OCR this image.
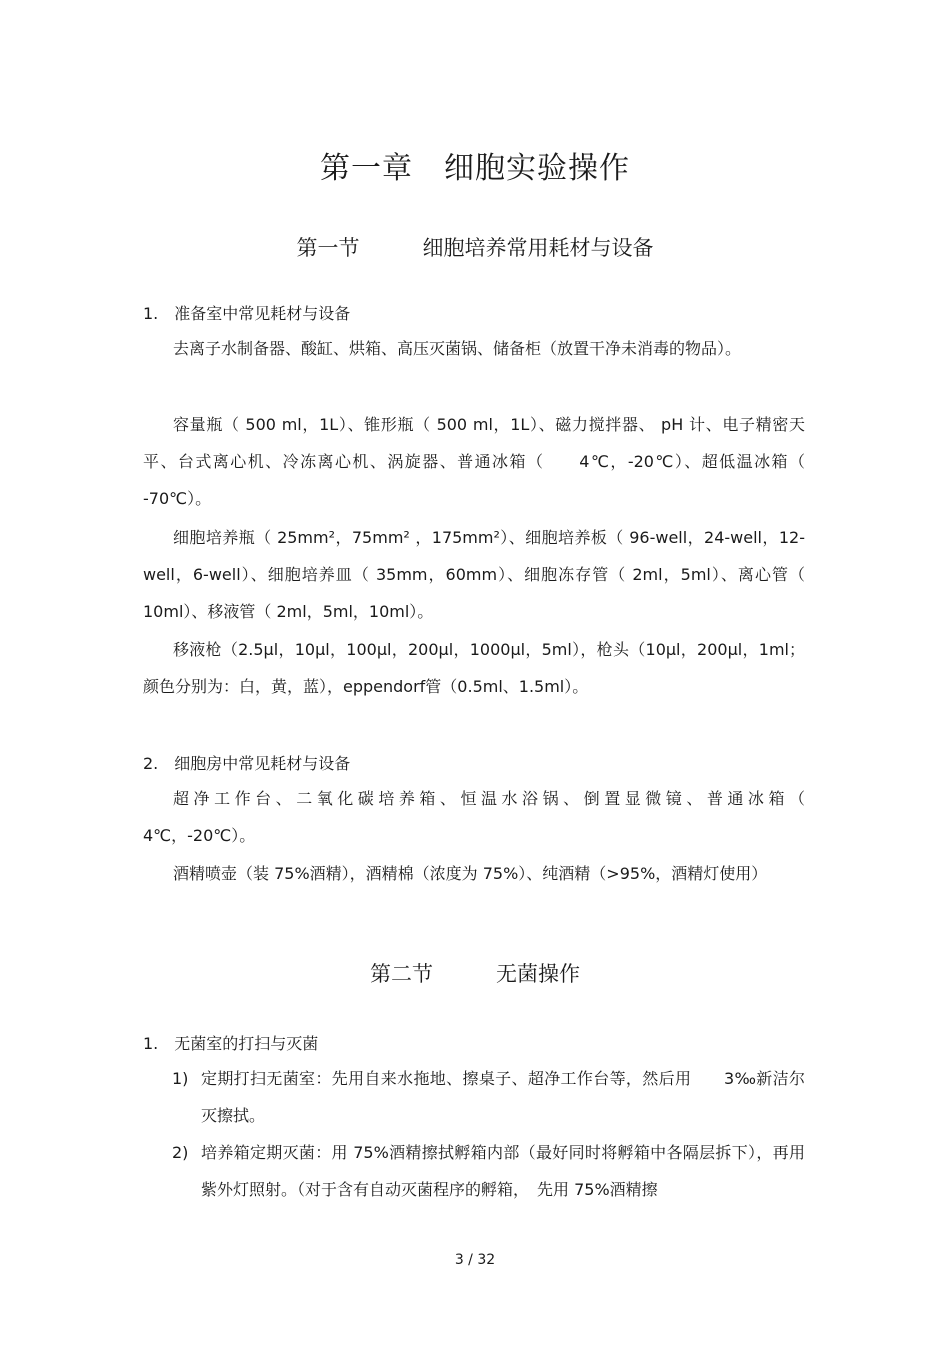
第一章　细胞实验操作
第一节　　　细胞培养常用耗材与设备
1.　准备室中常见耗材与设备
去离子水制备器、酸缸、烘箱、高压灭菌锅、储备柜（放置干净未消毒的物品）。
容量瓶（ 500 ml，1L）、锥形瓶（ 500 ml，1L）、磁力搅拌器、 pH 计、电子精密天平、台式离心机、冷冻离心机、涡旋器、普通冰箱（　　4℃，-20℃）、超低温冰箱（ -70℃）。
细胞培养瓶（ 25mm²，75mm² ，175mm²）、细胞培养板（ 96-well，24-well，12-well，6-well）、细胞培养皿（ 35mm，60mm）、细胞冻存管（ 2ml，5ml）、离心管（ 10ml）、移液管（ 2ml，5ml，10ml）。
移液枪（2.5μl，10μl，100μl，200μl，1000μl，5ml），枪头（10μl，200μl，1ml；颜色分别为：白，黄，蓝），eppendorf管（0.5ml、1.5ml）。
2.　细胞房中常见耗材与设备
超净工作台、二氧化碳培养箱、恒温水浴锅、倒置显微镜、普通冰箱（　　4℃，-20℃）。
酒精喷壶（装 75%酒精），酒精棉（浓度为 75%）、纯酒精（>95%，酒精灯使用）
第二节　　　无菌操作
1.　无菌室的打扫与灭菌
1) 定期打扫无菌室：先用自来水拖地、擦桌子、超净工作台等，然后用　　3‰新洁尔灭擦拭。
2) 培养箱定期灭菌：用 75%酒精擦拭孵箱内部（最好同时将孵箱中各隔层拆下），再用紫外灯照射。（对于含有自动灭菌程序的孵箱，　先用 75%酒精擦
3 / 32
